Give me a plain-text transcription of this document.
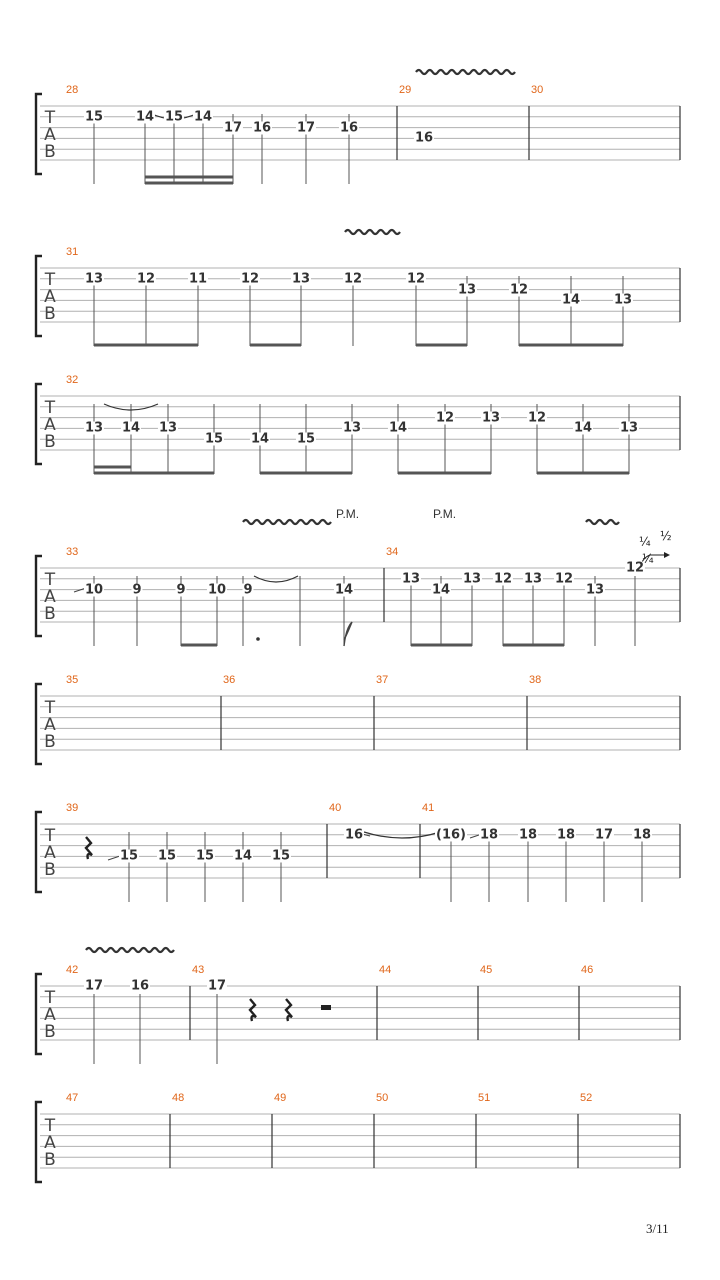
T
A
B
28	29	30
15	14 15 14
17 16 17 16
16
T
A
B
31
13	12	11	12	13	12	12
13	12
14	13
T
A
B
32
13 14 13
15 14 15
13 14
12 13 12
14 13
T
A
B
33	34
10 9	9 10 9	14
13
14
13 12 13 12
13
12
T
A
B
35	36	37	38
T
A
B
39	40	41
15 15 15 14 15
16	(16) 18 18 18 17 18
T
A
B
42	43	44	45	46
17 16	17
T
A
B
47	48	49	50	51	52
P.M.	P.M.
¼ ½
¼
3/11
